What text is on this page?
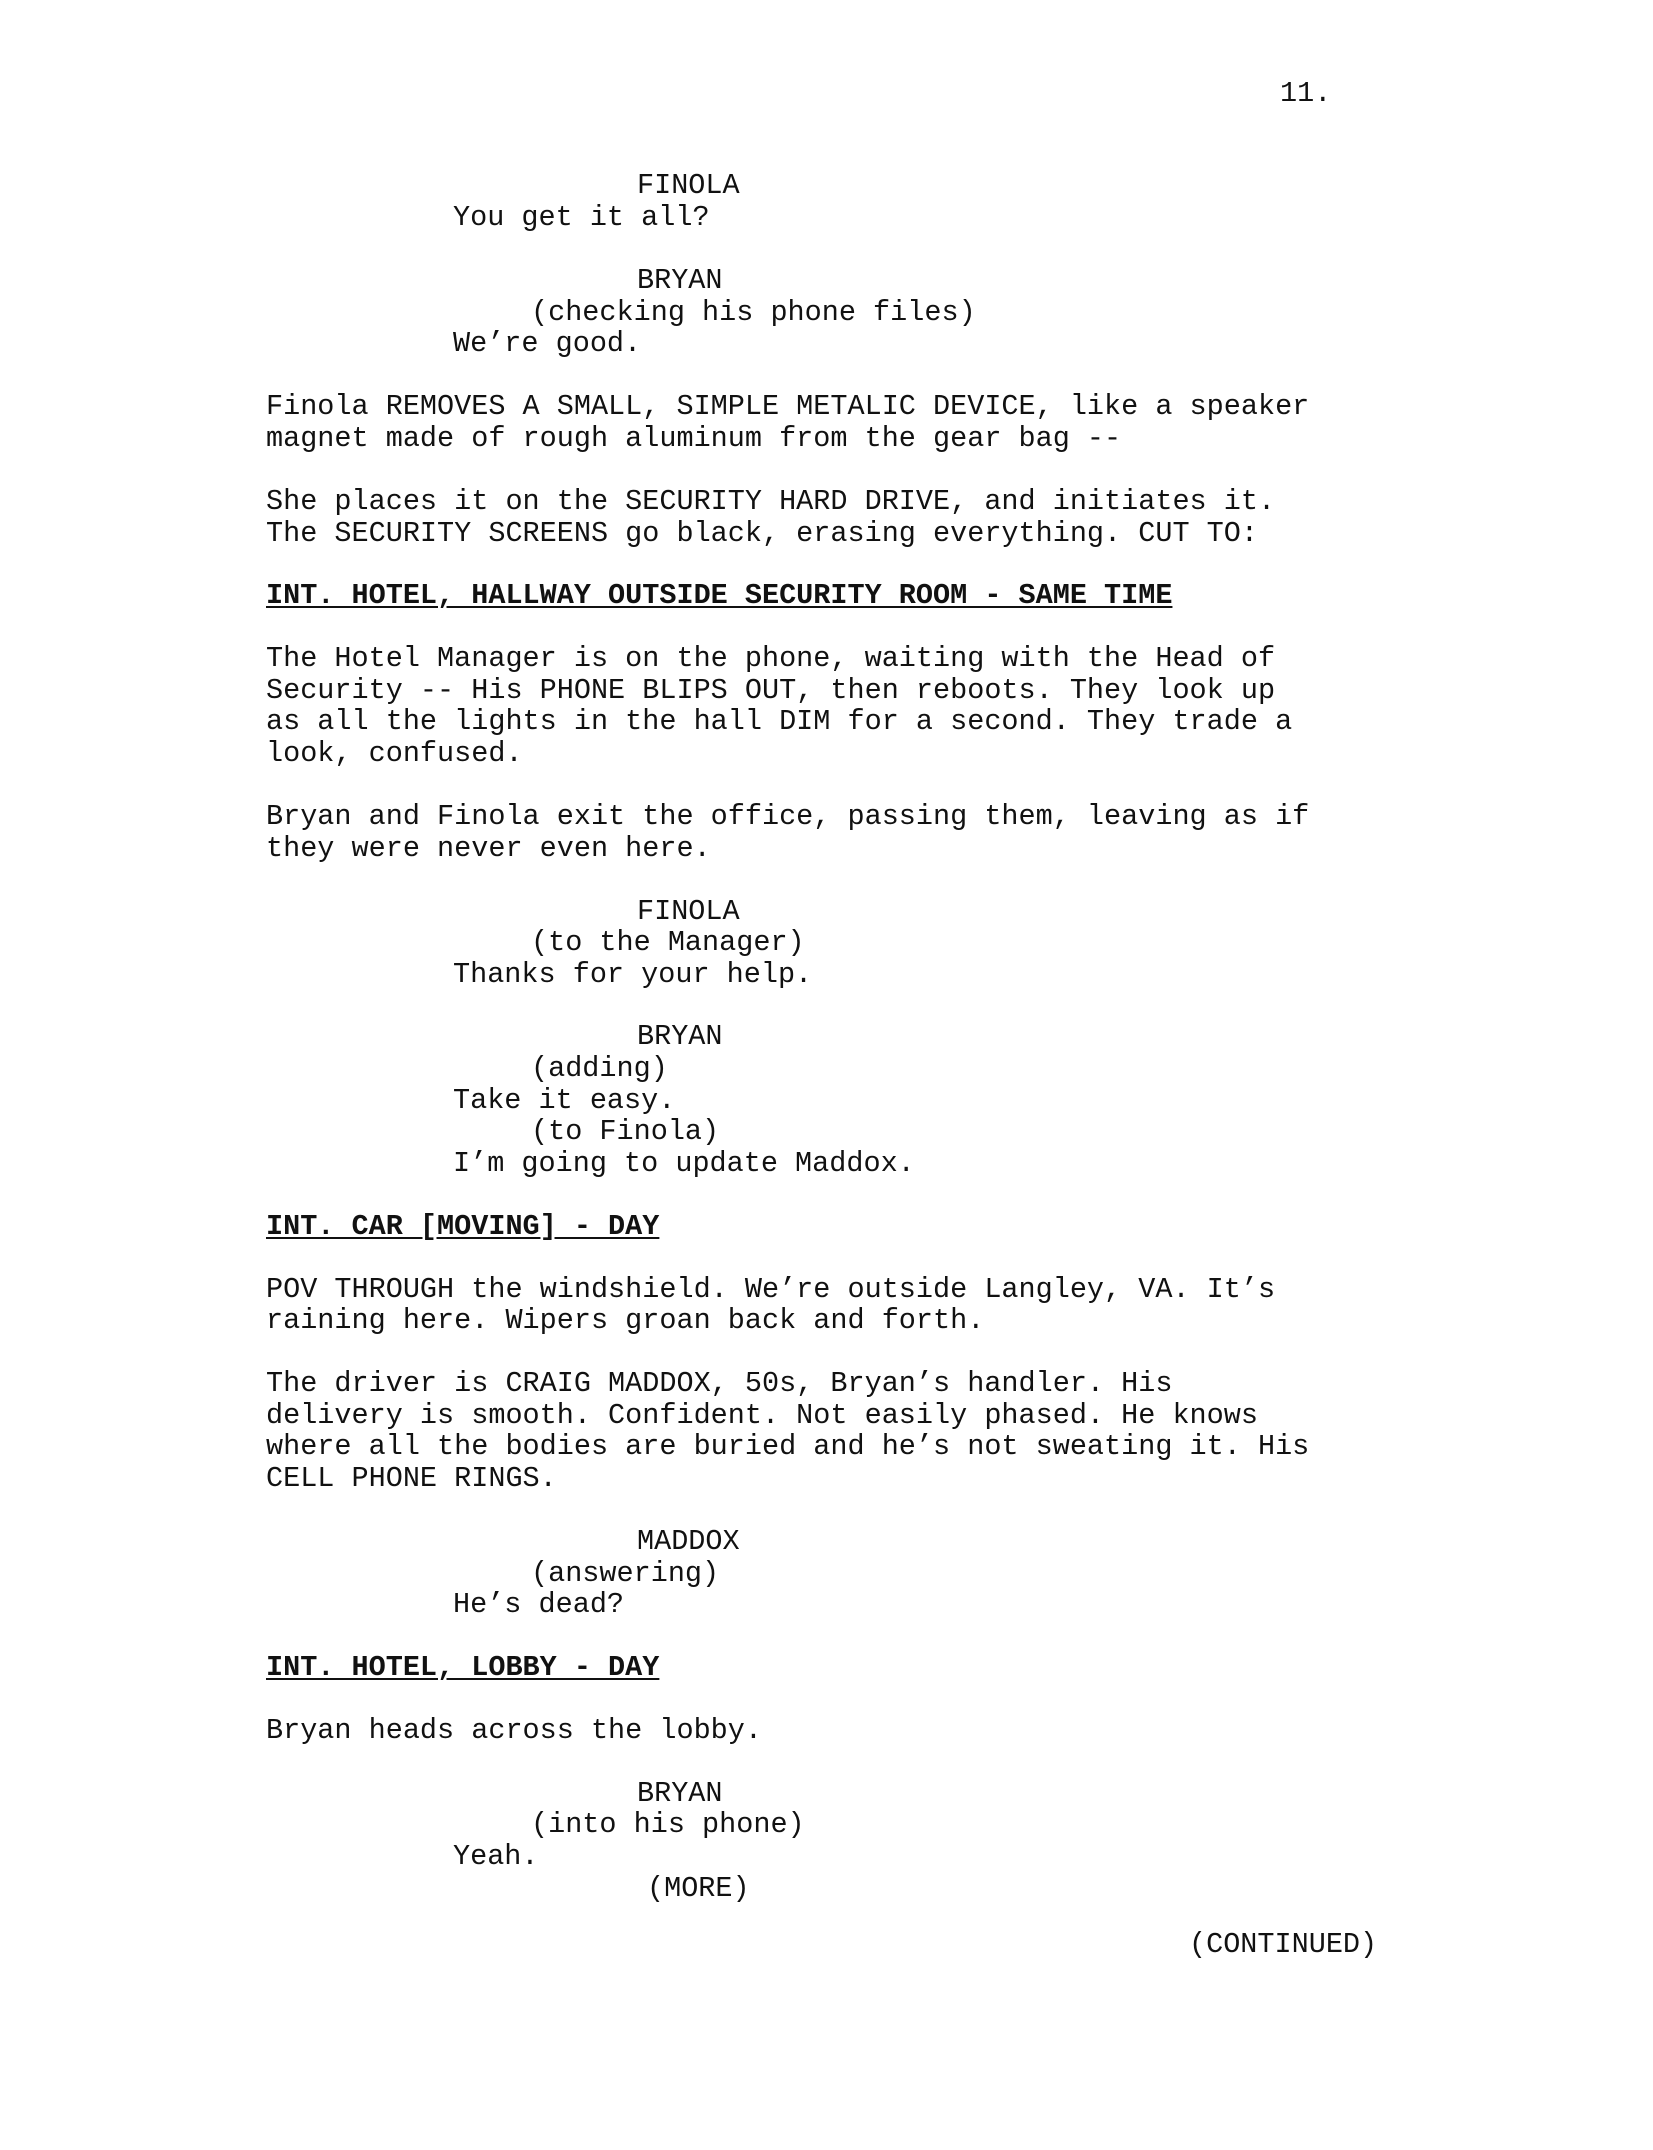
11.
FINOLA
You get it all?
BRYAN
(checking his phone files)
We’re good.
Finola REMOVES A SMALL, SIMPLE METALIC DEVICE, like a speaker
magnet made of rough aluminum from the gear bag --
She places it on the SECURITY HARD DRIVE, and initiates it.
The SECURITY SCREENS go black, erasing everything. CUT TO:
INT. HOTEL, HALLWAY OUTSIDE SECURITY ROOM - SAME TIME
The Hotel Manager is on the phone, waiting with the Head of
Security -- His PHONE BLIPS OUT, then reboots. They look up
as all the lights in the hall DIM for a second. They trade a
look, confused.
Bryan and Finola exit the office, passing them, leaving as if
they were never even here.
FINOLA
(to the Manager)
Thanks for your help.
BRYAN
(adding)
Take it easy.
(to Finola)
I’m going to update Maddox.
INT. CAR [MOVING] - DAY
POV THROUGH the windshield. We’re outside Langley, VA. It’s
raining here. Wipers groan back and forth.
The driver is CRAIG MADDOX, 50s, Bryan’s handler. His
delivery is smooth. Confident. Not easily phased. He knows
where all the bodies are buried and he’s not sweating it. His
CELL PHONE RINGS.
MADDOX
(answering)
He’s dead?
INT. HOTEL, LOBBY - DAY
Bryan heads across the lobby.
BRYAN
(into his phone)
Yeah.
(MORE)
(CONTINUED)
